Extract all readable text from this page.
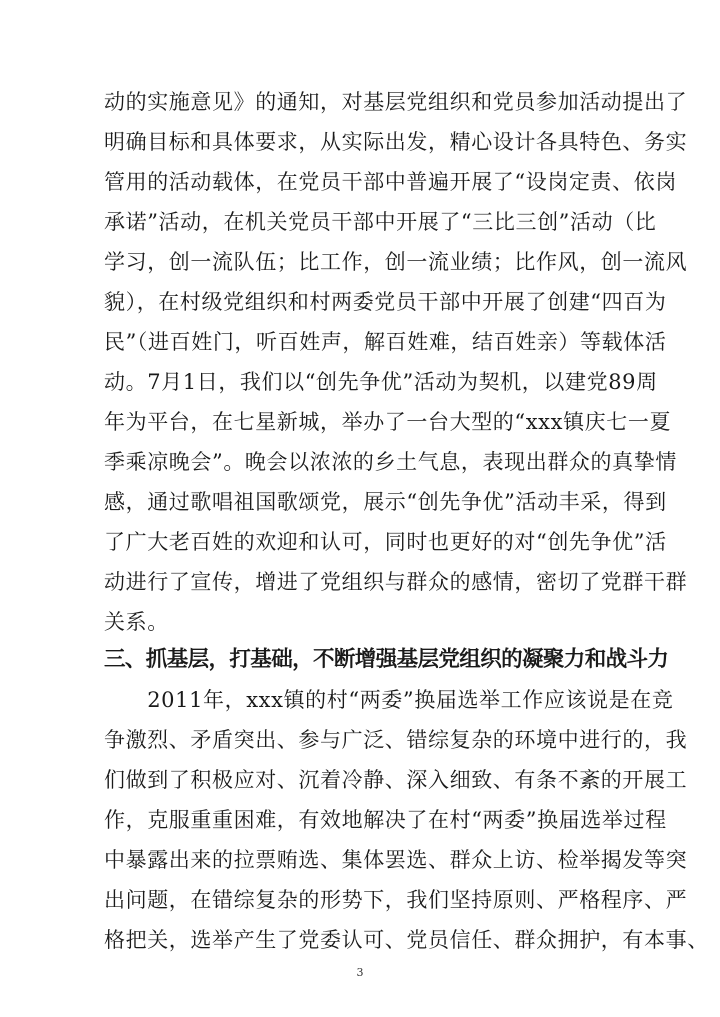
动的实施意见》的通知，对基层党组织和党员参加活动提出了
明确目标和具体要求，从实际出发，精心设计各具特色、务实
管用的活动载体，在党员干部中普遍开展了“设岗定责、依岗
承诺”活动，在机关党员干部中开展了“三比三创”活动（比
学习，创一流队伍；比工作，创一流业绩；比作风，创一流风
貌），在村级党组织和村两委党员干部中开展了创建“四百为
民”（进百姓门，听百姓声，解百姓难，结百姓亲）等载体活
动。7月1日，我们以“创先争优”活动为契机，以建党89周
年为平台，在七星新城，举办了一台大型的“xxx镇庆七一夏
季乘凉晚会”。晚会以浓浓的乡土气息，表现出群众的真挚情
感，通过歌唱祖国歌颂党，展示“创先争优”活动丰采，得到
了广大老百姓的欢迎和认可，同时也更好的对“创先争优”活
动进行了宣传，增进了党组织与群众的感情，密切了党群干群
关系。
三、抓基层，打基础，不断增强基层党组织的凝聚力和战斗力
　　2011年，xxx镇的村“两委”换届选举工作应该说是在竞
争激烈、矛盾突出、参与广泛、错综复杂的环境中进行的，我
们做到了积极应对、沉着冷静、深入细致、有条不紊的开展工
作，克服重重困难，有效地解决了在村“两委”换届选举过程
中暴露出来的拉票贿选、集体罢选、群众上访、检举揭发等突
出问题，在错综复杂的形势下，我们坚持原则、严格程序、严
格把关，选举产生了党委认可、党员信任、群众拥护，有本事、
3
